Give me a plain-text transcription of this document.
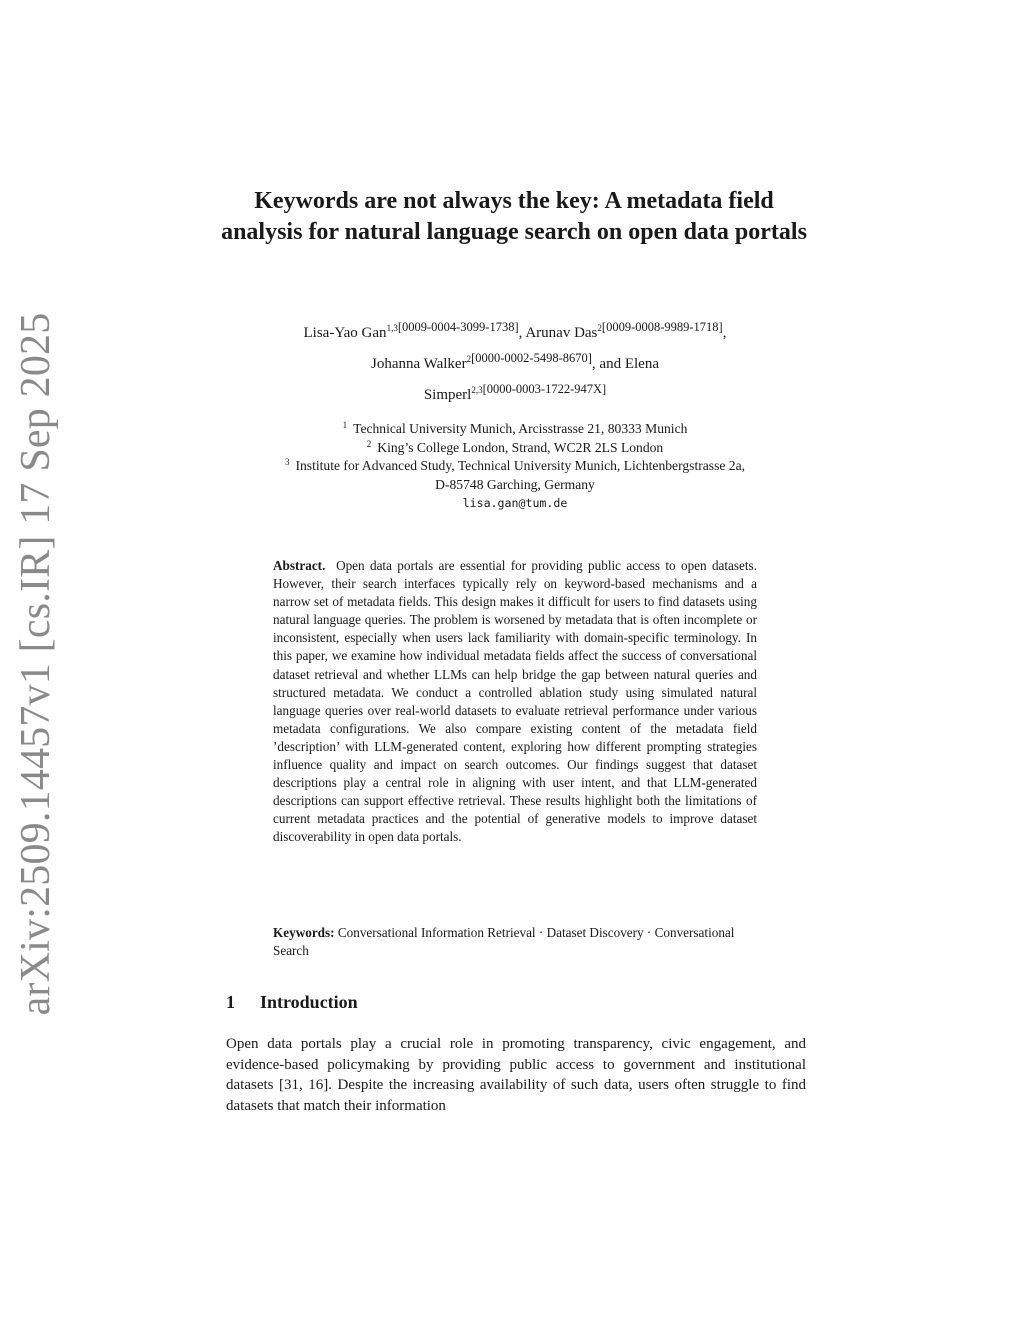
arXiv:2509.14457v1 [cs.IR] 17 Sep 2025
Keywords are not always the key: A metadata field analysis for natural language search on open data portals
Lisa-Yao Gan$^{1,3[0009-0004-3099-1738]}$, Arunav Das$^{2[0009-0008-9989-1718]}$,
Johanna Walker$^{2[0000-0002-5498-8670]}$, and Elena
Simperl$^{2,3[0000-0003-1722-947X]}$
$^1$ Technical University Munich, Arcisstrasse 21, 80333 Munich
$^2$ King’s College London, Strand, WC2R 2LS London
$^3$ Institute for Advanced Study, Technical University Munich, Lichtenbergstrasse 2a,
D-85748 Garching, Germany
lisa.gan@tum.de
Abstract. Open data portals are essential for providing public access to open datasets. However, their search interfaces typically rely on keyword-based mechanisms and a narrow set of metadata fields. This design makes it difficult for users to find datasets using natural language queries. The problem is worsened by metadata that is often incomplete or inconsistent, especially when users lack familiarity with domain-specific terminology. In this paper, we examine how individual metadata fields affect the success of conversational dataset retrieval and whether LLMs can help bridge the gap between natural queries and structured metadata. We conduct a controlled ablation study using simulated natural language queries over real-world datasets to evaluate retrieval performance under various metadata configurations. We also compare existing content of the metadata field ’description’ with LLM-generated content, exploring how different prompting strategies influence quality and impact on search outcomes. Our findings suggest that dataset descriptions play a central role in aligning with user intent, and that LLM-generated descriptions can support effective retrieval. These results highlight both the limitations of current metadata practices and the potential of generative models to improve dataset discoverability in open data portals.
Keywords: Conversational Information Retrieval · Dataset Discovery · Conversational Search
1 Introduction
Open data portals play a crucial role in promoting transparency, civic engagement, and evidence-based policymaking by providing public access to government and institutional datasets [31, 16]. Despite the increasing availability of such data, users often struggle to find datasets that match their information
